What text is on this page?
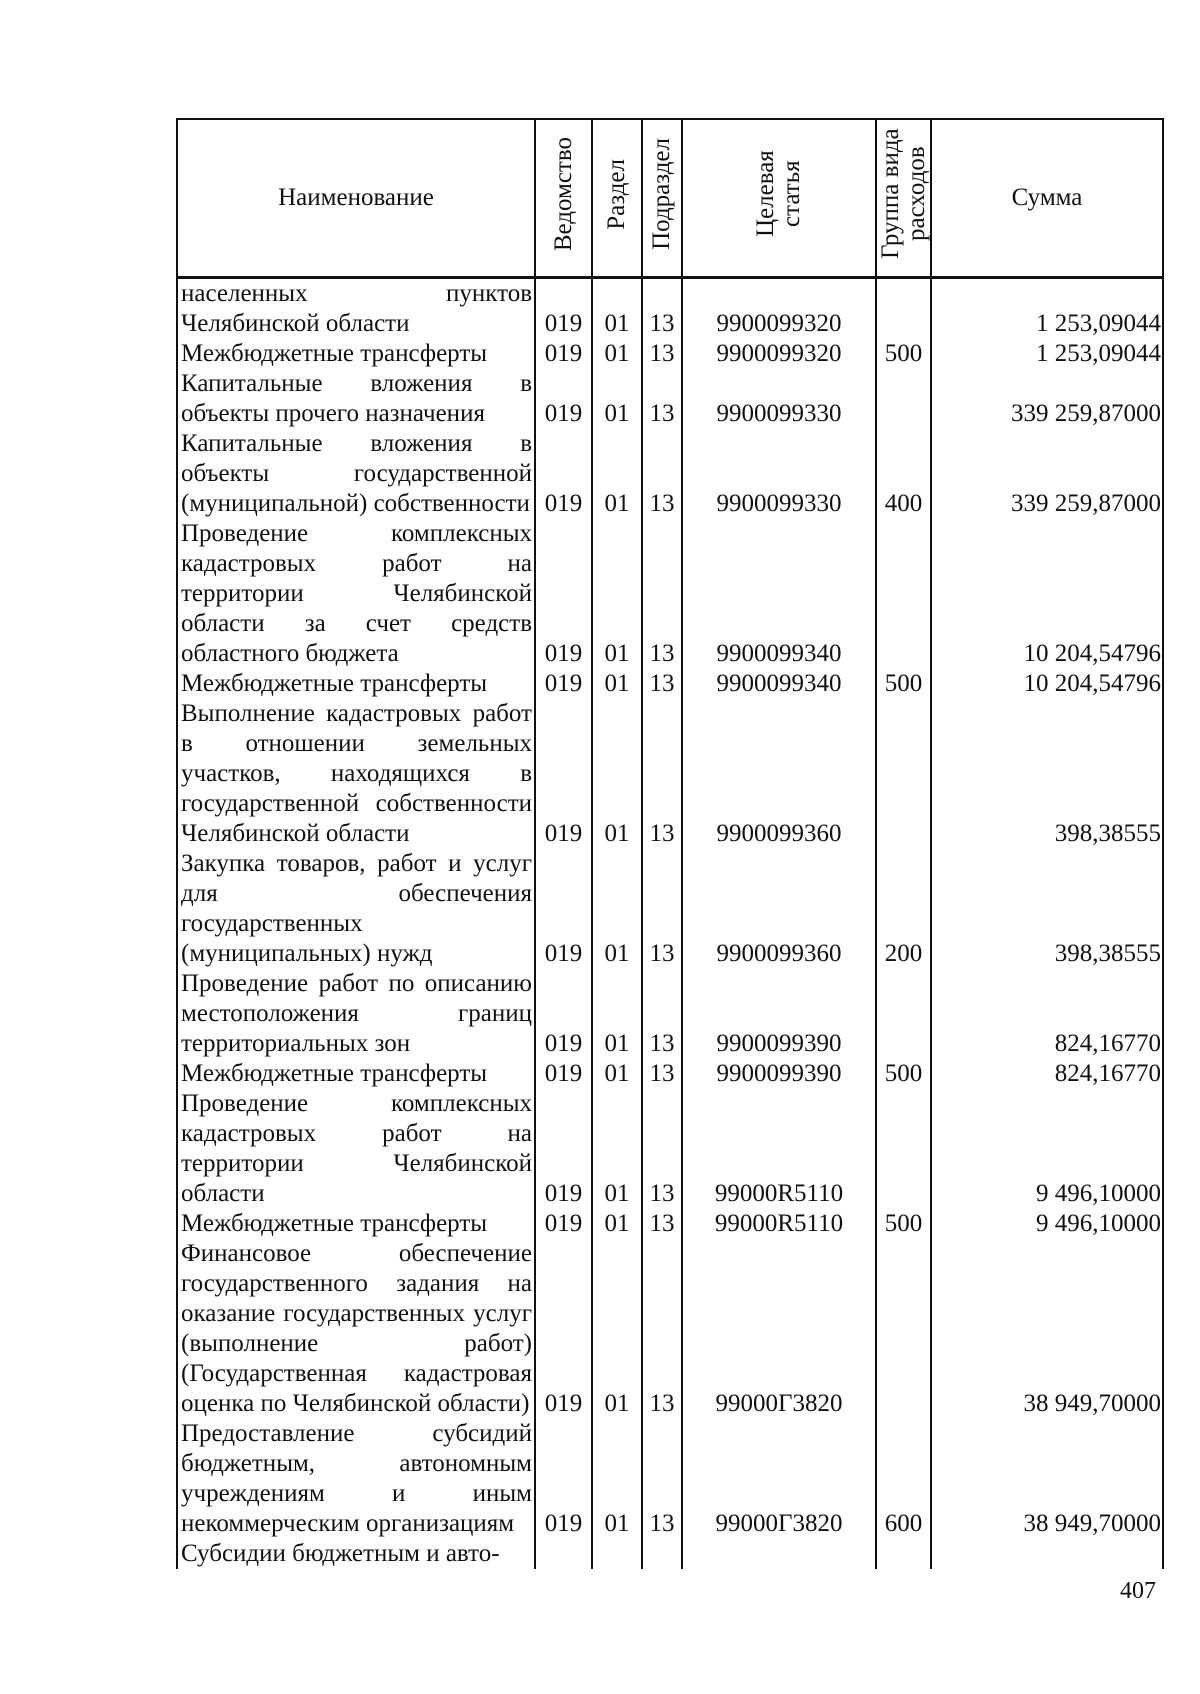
Наименование	Ведомство	Раздел	Подраздел	Целевая статья	Группа вида расходов	Сумма
населенных пунктов Челябинской области	019	01	13	9900099320		1 253,09044
Межбюджетные трансферты	019	01	13	9900099320	500	1 253,09044
Капитальные вложения в объекты прочего назначения	019	01	13	9900099330		339 259,87000
Капитальные вложения в объекты государственной (муниципальной) собственности	019	01	13	9900099330	400	339 259,87000
Проведение комплексных кадастровых работ на территории Челябинской области за счет средств областного бюджета	019	01	13	9900099340		10 204,54796
Межбюджетные трансферты	019	01	13	9900099340	500	10 204,54796
Выполнение кадастровых работ в отношении земельных участков, находящихся в государственной собственности Челябинской области	019	01	13	9900099360		398,38555
Закупка товаров, работ и услуг для обеспечения государственных (муниципальных) нужд	019	01	13	9900099360	200	398,38555
Проведение работ по описанию местоположения границ территориальных зон	019	01	13	9900099390		824,16770
Межбюджетные трансферты	019	01	13	9900099390	500	824,16770
Проведение комплексных кадастровых работ на территории Челябинской области	019	01	13	99000R5110		9 496,10000
Межбюджетные трансферты	019	01	13	99000R5110	500	9 496,10000
Финансовое обеспечение государственного задания на оказание государственных услуг (выполнение работ) (Государственная кадастровая оценка по Челябинской области)	019	01	13	99000Г3820		38 949,70000
Предоставление субсидий бюджетным, автономным учреждениям и иным некоммерческим организациям	019	01	13	99000Г3820	600	38 949,70000
Субсидии бюджетным и авто-						
407
